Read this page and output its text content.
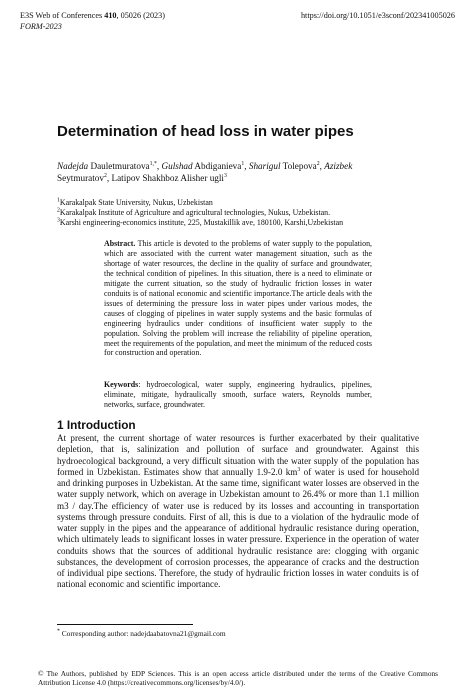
E3S Web of Conferences 410, 05026 (2023)
FORM-2023
https://doi.org/10.1051/e3sconf/202341005026
Determination of head loss in water pipes
Nadejda Dauletmuratova$^{1,*}$, Gulshad Abdiganieva$^1$, Sharigul Tolepova$^2$, Azizbek Seytmuratov$^2$, Latipov Shakhboz Alisher ugli$^3$
$^1$Karakalpak State University, Nukus, Uzbekistan
$^2$Karakalpak Institute of Agriculture and agricultural technologies, Nukus, Uzbekistan.
$^3$Karshi engineering-economics institute, 225, Mustakillik ave, 180100, Karshi,Uzbekistan
Abstract. This article is devoted to the problems of water supply to the population, which are associated with the current water management situation, such as the shortage of water resources, the decline in the quality of surface and groundwater, the technical condition of pipelines. In this situation, there is a need to eliminate or mitigate the current situation, so the study of hydraulic friction losses in water conduits is of national economic and scientific importance.The article deals with the issues of determining the pressure loss in water pipes under various modes, the causes of clogging of pipelines in water supply systems and the basic formulas of engineering hydraulics under conditions of insufficient water supply to the population. Solving the problem will increase the reliability of pipeline operation, meet the requirements of the population, and meet the minimum of the reduced costs for construction and operation.
Keywords: hydroecological, water supply, engineering hydraulics, pipelines, eliminate, mitigate, hydraulically smooth, surface waters, Reynolds number, networks, surface, groundwater.
1 Introduction

At present, the current shortage of water resources is further exacerbated by their qualitative depletion, that is, salinization and pollution of surface and groundwater. Against this hydroecological background, a very difficult situation with the water supply of the population has formed in Uzbekistan. Estimates show that annually 1.9-2.0 $km^3$ of water is used for household and drinking purposes in Uzbekistan. At the same time, significant water losses are observed in the water supply network, which on average in Uzbekistan amount to 26.4% or more than 1.1 million m3 / day.The efficiency of water use is reduced by its losses and accounting in transportation systems through pressure conduits. First of all, this is due to a violation of the hydraulic mode of water supply in the pipes and the appearance of additional hydraulic resistance during operation, which ultimately leads to significant losses in water pressure. Experience in the operation of water conduits shows that the sources of additional hydraulic resistance are: clogging with organic substances, the development of corrosion processes, the appearance of cracks and the destruction of individual pipe sections. Therefore, the study of hydraulic friction losses in water conduits is of national economic and scientific importance.

* Corresponding author: nadejdaabatovna21@gmail.com
© The Authors, published by EDP Sciences. This is an open access article distributed under the terms of the Creative Commons Attribution License 4.0 (https://creativecommons.org/licenses/by/4.0/).
